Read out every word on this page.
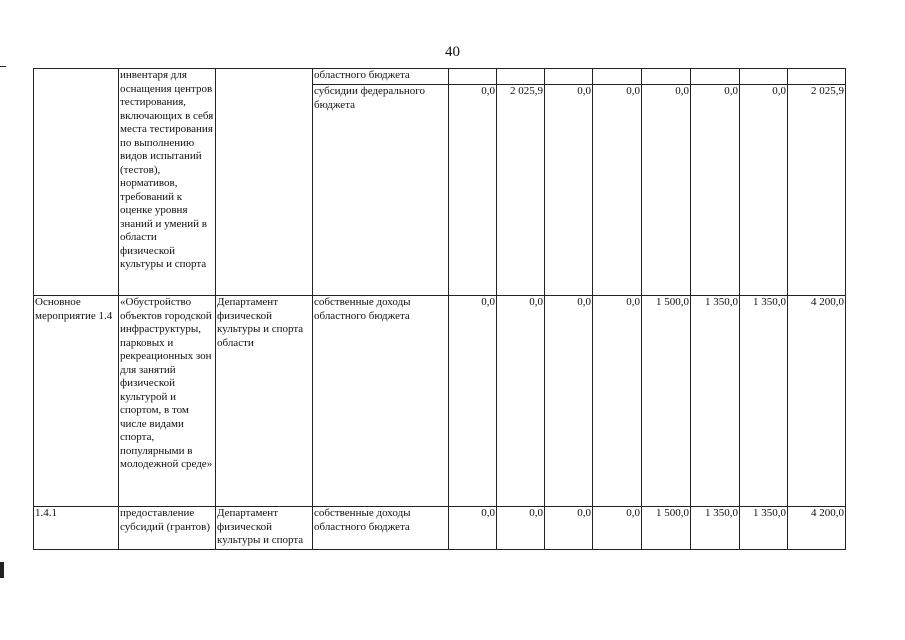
40
	инвентаря для оснащения центров тестирования, включающих в себя места тестирования по выполнению видов испытаний (тестов), нормативов, требований к оценке уровня знаний и умений в области физической культуры и спорта		областного бюджета								
			субсидии федерального бюджета	0,0	2 025,9	0,0	0,0	0,0	0,0	0,0	2 025,9
Основное мероприятие 1.4	«Обустройство объектов городской инфраструктуры, парковых и рекреационных зон для занятий физической культурой и спортом, в том числе видами спорта, популярными в молодежной среде»	Департамент физической культуры и спорта области	собственные доходы областного бюджета	0,0	0,0	0,0	0,0	1 500,0	1 350,0	1 350,0	4 200,0
1.4.1	предоставление субсидий (грантов)	Департамент физической культуры и спорта	собственные доходы областного бюджета	0,0	0,0	0,0	0,0	1 500,0	1 350,0	1 350,0	4 200,0
